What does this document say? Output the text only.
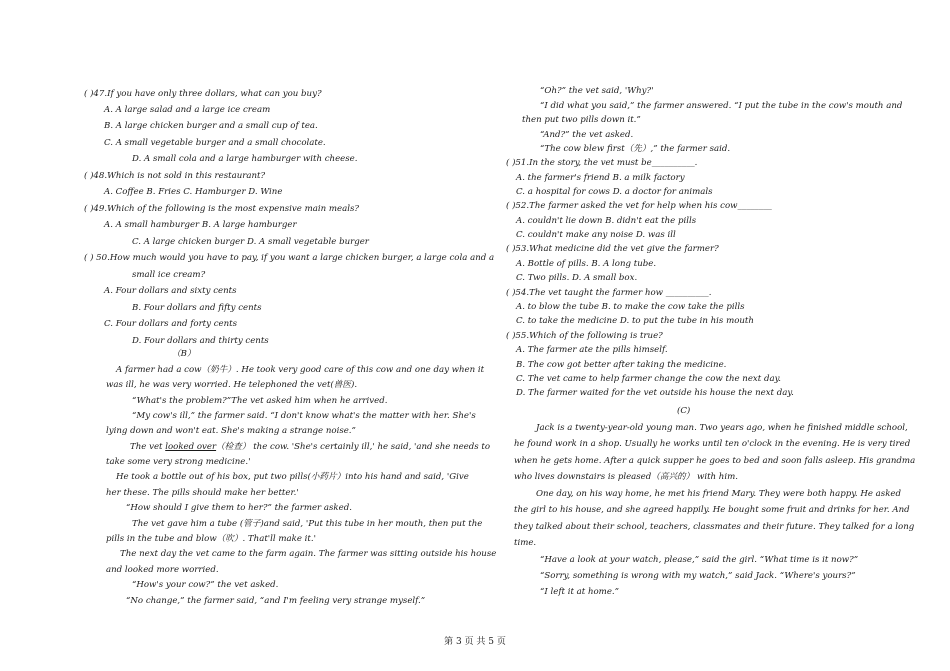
( )47.If you have only three dollars, what can you buy?
A. A large salad and a large ice cream
B. A large chicken burger and a small cup of tea.
C. A small vegetable burger and a small chocolate.
D. A small cola and a large hamburger with cheese.
( )48.Which is not sold in this restaurant?
A. Coffee B. Fries C. Hamburger D. Wine
( )49.Which of the following is the most expensive main meals?
A. A small hamburger B. A large hamburger
C. A large chicken burger D. A small vegetable burger
( ) 50.How much would you have to pay, if you want a large chicken burger, a large cola and a
small ice cream?
A. Four dollars and sixty cents
B. Four dollars and fifty cents
C. Four dollars and forty cents
D. Four dollars and thirty cents
（B）
A farmer had a cow（奶牛）. He took very good care of this cow and one day when it
was ill, he was very worried. He telephoned the vet(兽医).
“What's the problem?”The vet asked him when he arrived.
“My cow's ill,” the farmer said. “I don't know what's the matter with her. She's
lying down and won't eat. She's making a strange noise.”
The vet looked over（检查） the cow. 'She's certainly ill,' he said, 'and she needs to
take some very strong medicine.'
He took a bottle out of his box, put two pills(小药片）into his hand and said, 'Give
her these. The pills should make her better.'
“How should I give them to her?” the farmer asked.
The vet gave him a tube (管子)and said, 'Put this tube in her mouth, then put the
pills in the tube and blow（吹）. That'll make it.'
The next day the vet came to the farm again. The farmer was sitting outside his house
and looked more worried.
“How's your cow?” the vet asked.
“No change,” the farmer said, “and I'm feeling very strange myself.”
“Oh?” the vet said, 'Why?'
“I did what you said,” the farmer answered. “I put the tube in the cow's mouth and
then put two pills down it.”
“And?” the vet asked.
“The cow blew first（先）,” the farmer said.
( )51.In the story, the vet must be__________.
A. the farmer's friend B. a milk factory
C. a hospital for cows D. a doctor for animals
( )52.The farmer asked the vet for help when his cow________
A. couldn't lie down B. didn't eat the pills
C. couldn't make any noise D. was ill
( )53.What medicine did the vet give the farmer?
A. Bottle of pills. B. A long tube.
C. Two pills. D. A small box.
( )54.The vet taught the farmer how __________.
A. to blow the tube B. to make the cow take the pills
C. to take the medicine D. to put the tube in his mouth
( )55.Which of the following is true?
A. The farmer ate the pills himself.
B. The cow got better after taking the medicine.
C. The vet came to help farmer change the cow the next day.
D. The farmer waited for the vet outside his house the next day.
(C)
Jack is a twenty-year-old young man. Two years ago, when he finished middle school,
he found work in a shop. Usually he works until ten o'clock in the evening. He is very tired
when he gets home. After a quick supper he goes to bed and soon falls asleep. His grandma
who lives downstairs is pleased（高兴的） with him.
One day, on his way home, he met his friend Mary. They were both happy. He asked
the girl to his house, and she agreed happily. He bought some fruit and drinks for her. And
they talked about their school, teachers, classmates and their future. They talked for a long
time.
“Have a look at your watch, please,” said the girl. “What time is it now?”
“Sorry, something is wrong with my watch,” said Jack. “Where's yours?”
“I left it at home.”
第 3 页 共 5 页
